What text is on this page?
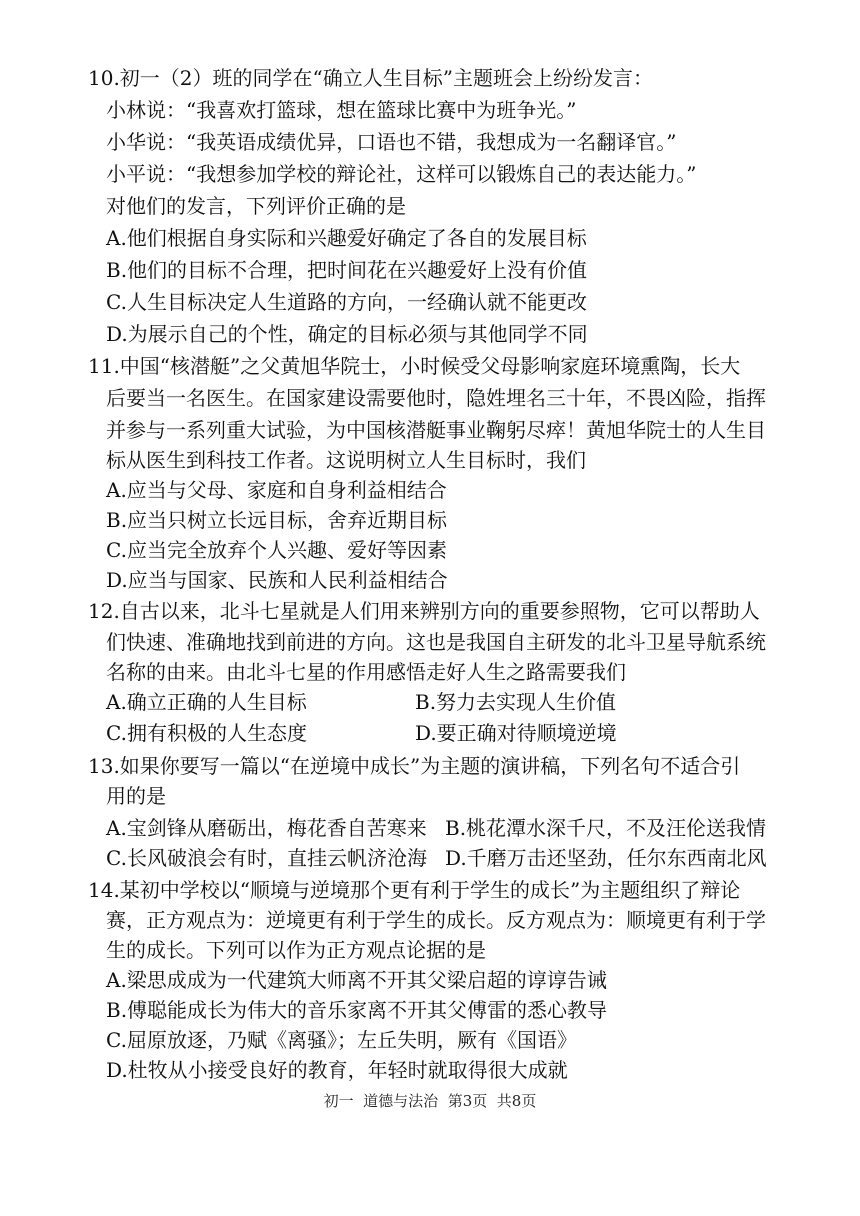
10.初一（2）班的同学在“确立人生目标”主题班会上纷纷发言：
小林说：“我喜欢打篮球，想在篮球比赛中为班争光。”
小华说：“我英语成绩优异，口语也不错，我想成为一名翻译官。”
小平说：“我想参加学校的辩论社，这样可以锻炼自己的表达能力。”
对他们的发言，下列评价正确的是
A.他们根据自身实际和兴趣爱好确定了各自的发展目标
B.他们的目标不合理，把时间花在兴趣爱好上没有价值
C.人生目标决定人生道路的方向，一经确认就不能更改
D.为展示自己的个性，确定的目标必须与其他同学不同
11.中国“核潜艇”之父黄旭华院士，小时候受父母影响家庭环境熏陶，长大
后要当一名医生。在国家建设需要他时，隐姓埋名三十年，不畏凶险，指挥
并参与一系列重大试验，为中国核潜艇事业鞠躬尽瘁！黄旭华院士的人生目
标从医生到科技工作者。这说明树立人生目标时，我们
A.应当与父母、家庭和自身利益相结合
B.应当只树立长远目标，舍弃近期目标
C.应当完全放弃个人兴趣、爱好等因素
D.应当与国家、民族和人民利益相结合
12.自古以来，北斗七星就是人们用来辨别方向的重要参照物，它可以帮助人
们快速、准确地找到前进的方向。这也是我国自主研发的北斗卫星导航系统
名称的由来。由北斗七星的作用感悟走好人生之路需要我们
A.确立正确的人生目标	B.努力去实现人生价值
C.拥有积极的人生态度	D.要正确对待顺境逆境
13.如果你要写一篇以“在逆境中成长”为主题的演讲稿，下列名句不适合引
用的是
A.宝剑锋从磨砺出，梅花香自苦寒来 B.桃花潭水深千尺，不及汪伦送我情
C.长风破浪会有时，直挂云帆济沧海 D.千磨万击还坚劲，任尔东西南北风
14.某初中学校以“顺境与逆境那个更有利于学生的成长”为主题组织了辩论
赛，正方观点为：逆境更有利于学生的成长。反方观点为：顺境更有利于学
生的成长。下列可以作为正方观点论据的是
A.梁思成成为一代建筑大师离不开其父梁启超的谆谆告诫
B.傅聪能成长为伟大的音乐家离不开其父傅雷的悉心教导
C.屈原放逐，乃赋《离骚》；左丘失明，厥有《国语》
D.杜牧从小接受良好的教育，年轻时就取得很大成就
初一  道德与法治  第3页  共8页
